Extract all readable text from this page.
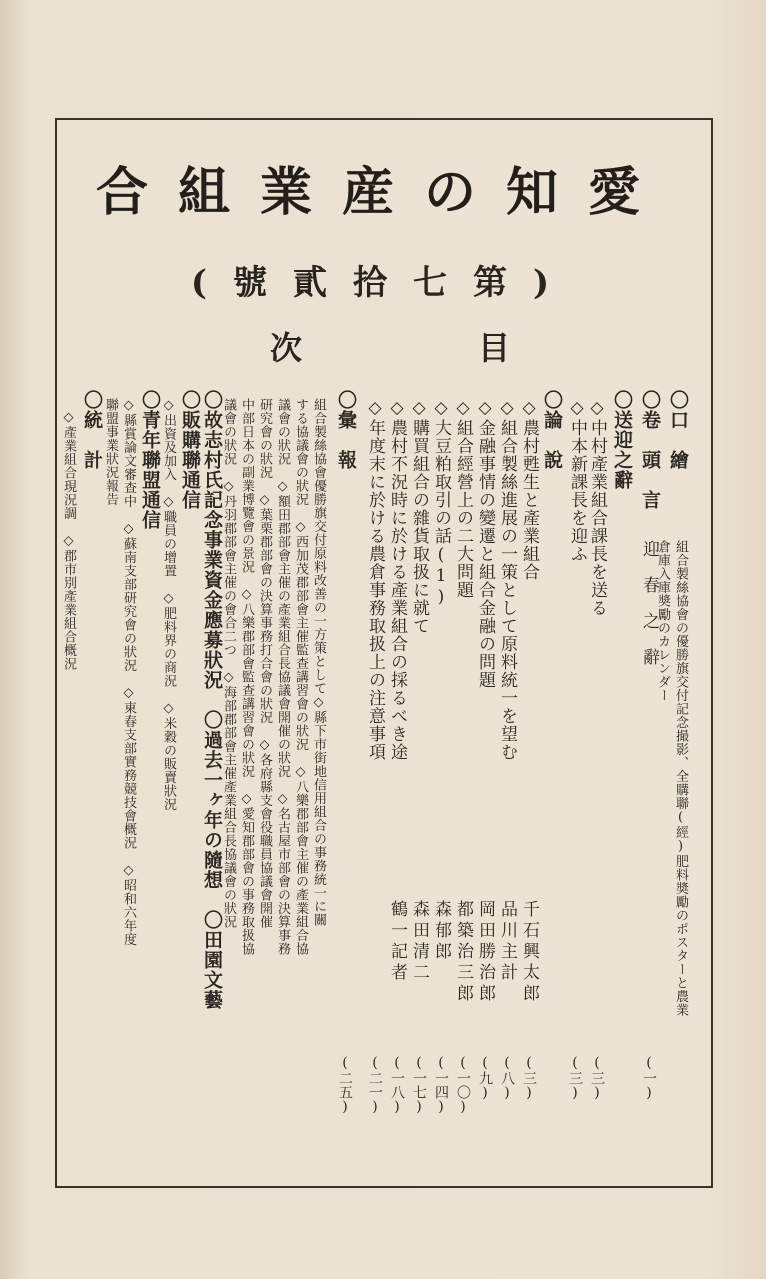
合組業産の知愛
(號貳拾七第)
次	目
〇口　繪
組合製絲協會の優勝旗交付記念撮影、全購聯(經)肥料奬勵のポスターと農業
倉庫入庫奬勵のカレンダー
〇卷　頭　言
迎　春　之　辭
〇送迎之辭
◇中村產業組合課長を送る
◇中本新課長を迎ふ
〇論　說
◇農村甦生と產業組合
◇組合製絲進展の一策として原料統一を望む
◇金融事情の變遷と組合金融の問題
◇組合經營上の二大問題
◇大豆粕取引の話(1)
◇購買組合の雜貨取扱に就て
◇農村不況時に於ける產業組合の採るべき途
◇年度末に於ける農倉事務取扱上の注意事項
〇彙　報
組合製絲協會優勝旗交付原料改善の一方策として◇縣下市街地信用組合の事務統一に關
する協議會の狀況　◇西加茂郡部會主催監查講習會の狀況　◇八樂郡部會主催の產業組合協
議會の狀況　◇額田郡部會主催の產業組合長協議會開催の狀況　◇名古屋市部會の決算事務
研究會の狀況　◇葉栗郡部會の決算事務打合會の狀況　◇各府縣支會役職員協議會開催
中部日本の副業博覽會の景況　◇八樂郡部會監查講習會の狀況　◇愛知郡部會の事務取扱協
議會の狀況　◇丹羽郡部會主催の會合二つ　◇海部郡部會主催產業組合長協議會の狀況
〇故志村氏記念事業資金應募狀況　〇過去一ヶ年の隨想　〇田園文藝
〇販購聯通信
◇出資及加入　◇職員の增置　◇肥料界の商況　◇米穀の販賣狀況
〇青年聯盟通信
◇縣賞論文審查中　◇蘇南支部研究會の狀況　◇東春支部實務競技會概況　◇昭和六年度
聯盟事業狀況報告
〇統　計
◇產業組合現況調　◇郡市別產業組合概況
千石興太郎
品川主計
岡田勝治郎
都築治三郎
森郁郎
森田清二
鶴一記者
(一)
(三)
(三)
(三)
(八)
(九)
(一〇)
(一四)
(一七)
(一八)
(二一)
(二五)
